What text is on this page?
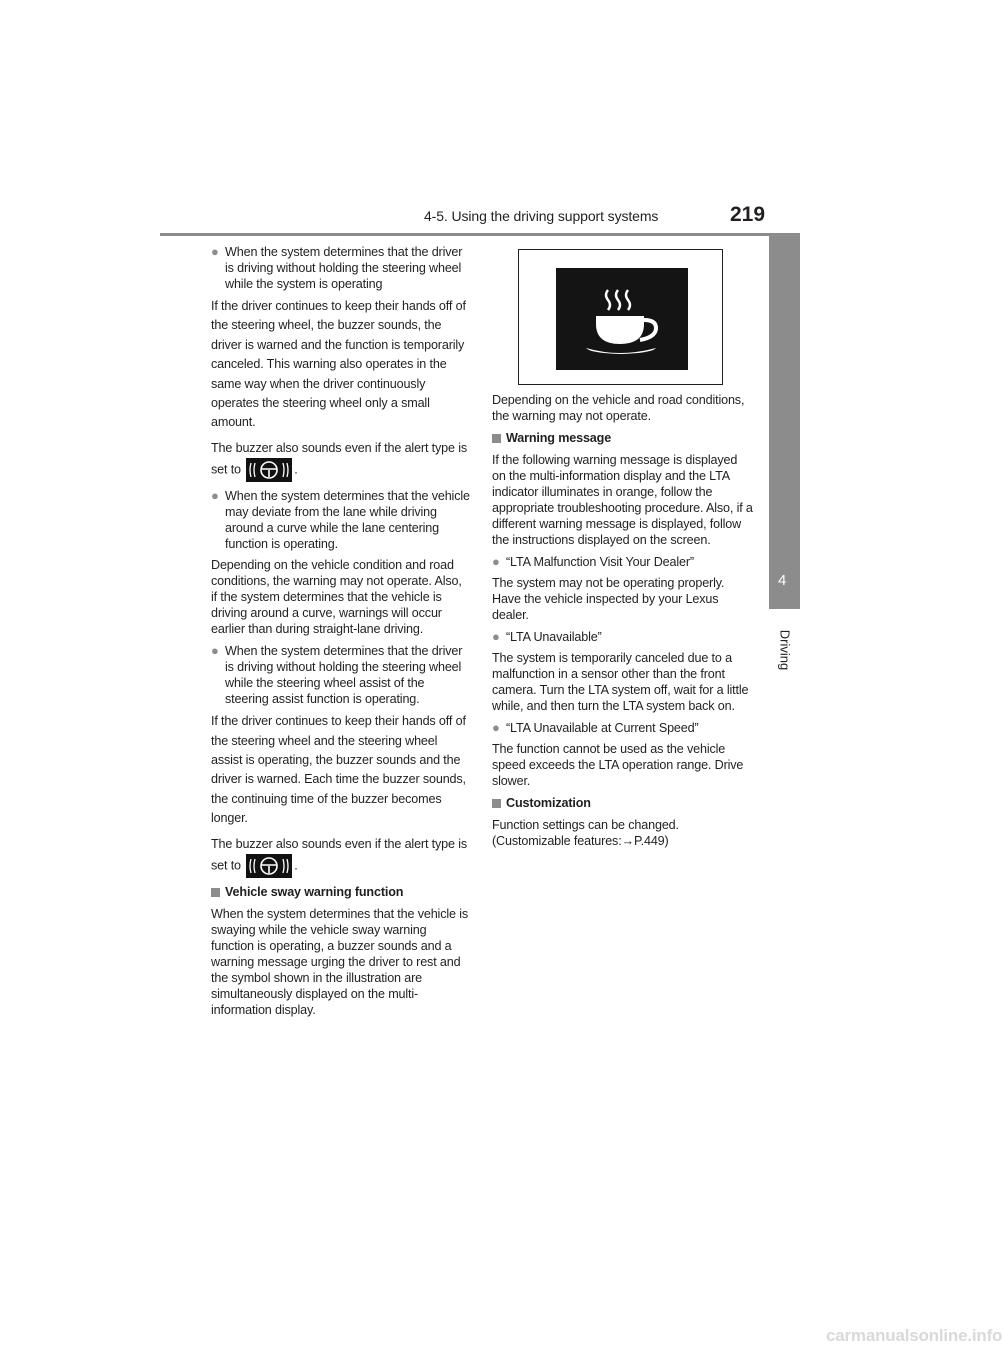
4-5. Using the driving support systems	219
4
Driving
● When the system determines that the driver is driving without holding the steering wheel while the system is operating

If the driver continues to keep their hands off of the steering wheel, the buzzer sounds, the driver is warned and the function is temporarily canceled. This warning also operates in the same way when the driver continuously operates the steering wheel only a small amount.

The buzzer also sounds even if the alert type is set to	.

● When the system determines that the vehicle may deviate from the lane while driving around a curve while the lane centering function is operating.

Depending on the vehicle condition and road conditions, the warning may not operate. Also, if the system determines that the vehicle is driving around a curve, warnings will occur earlier than during straight-lane driving.

● When the system determines that the driver is driving without holding the steering wheel while the steering wheel assist of the steering assist function is operating.

If the driver continues to keep their hands off of the steering wheel and the steering wheel assist is operating, the buzzer sounds and the driver is warned. Each time the buzzer sounds, the continuing time of the buzzer becomes longer.

The buzzer also sounds even if the alert type is set to	.

Vehicle sway warning function

When the system determines that the vehicle is swaying while the vehicle sway warning function is operating, a buzzer sounds and a warning message urging the driver to rest and the symbol shown in the illustration are simultaneously displayed on the multi-information display.

Depending on the vehicle and road conditions, the warning may not operate.

Warning message

If the following warning message is displayed on the multi-information display and the LTA indicator illuminates in orange, follow the appropriate troubleshooting procedure. Also, if a different warning message is displayed, follow the instructions displayed on the screen.

● “LTA Malfunction Visit Your Dealer”

The system may not be operating properly. Have the vehicle inspected by your Lexus dealer.

● “LTA Unavailable”

The system is temporarily canceled due to a malfunction in a sensor other than the front camera. Turn the LTA system off, wait for a little while, and then turn the LTA system back on.

● “LTA Unavailable at Current Speed”

The function cannot be used as the vehicle speed exceeds the LTA operation range. Drive slower.

Customization

Function settings can be changed. (Customizable features:→P.449)

carmanualsonline.info
